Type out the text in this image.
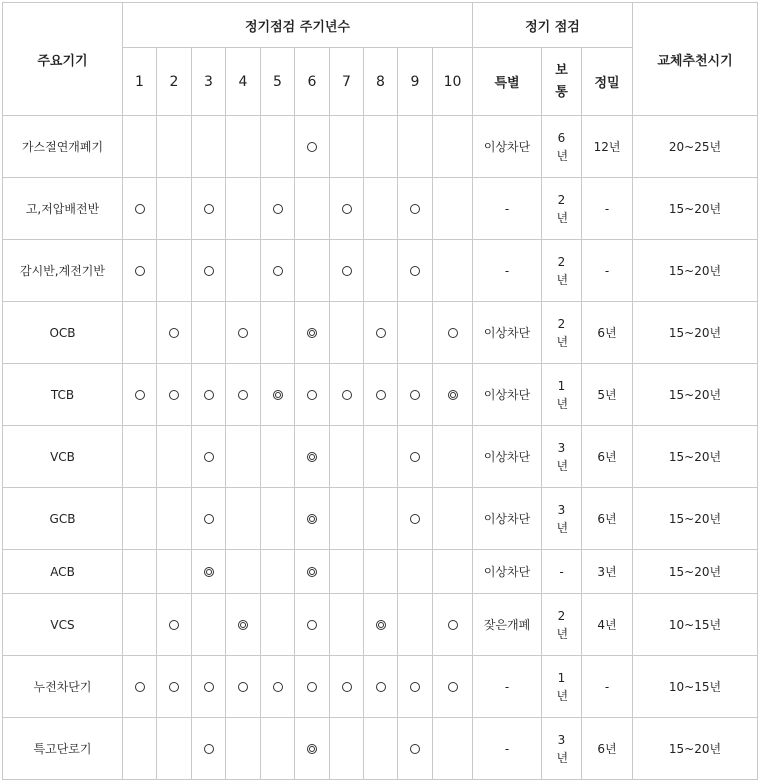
주요기기	정기점검 주기년수										정기 점검			교체추천시기
	1	2	3	4	5	6	7	8	9	10	특별	보통	정밀	
가스절연개폐기											이상차단	6년	12년	20~25년
고,저압배전반											-	2년	-	15~20년
감시반,계전기반											-	2년	-	15~20년
OCB											이상차단	2년	6년	15~20년
TCB											이상차단	1년	5년	15~20년
VCB											이상차단	3년	6년	15~20년
GCB											이상차단	3년	6년	15~20년
ACB											이상차단	-	3년	15~20년
VCS											잦은개폐	2년	4년	10~15년
누전차단기											-	1년	-	10~15년
특고단로기											-	3년	6년	15~20년
